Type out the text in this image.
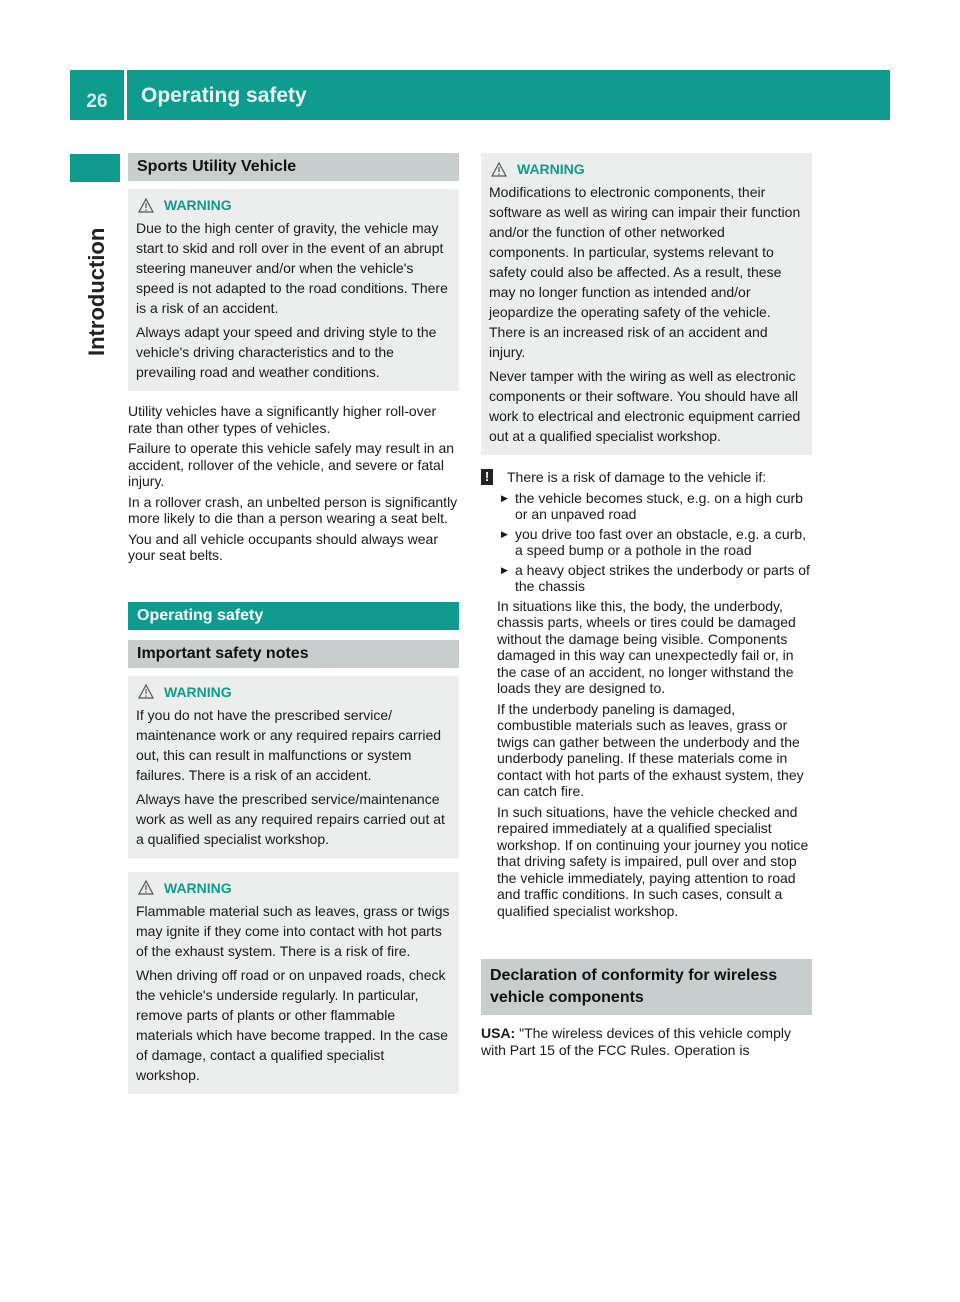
26	Operating safety
Introduction
Sports Utility Vehicle
WARNING

Due to the high center of gravity, the vehicle may start to skid and roll over in the event of an abrupt steering maneuver and/or when the vehicle's speed is not adapted to the road conditions. There is a risk of an accident.

Always adapt your speed and driving style to the vehicle's driving characteristics and to the prevailing road and weather conditions.

Utility vehicles have a significantly higher roll-over rate than other types of vehicles.

Failure to operate this vehicle safely may result in an accident, rollover of the vehicle, and severe or fatal injury.

In a rollover crash, an unbelted person is significantly more likely to die than a person wearing a seat belt.

You and all vehicle occupants should always wear your seat belts.

Operating safety
Important safety notes
WARNING

If you do not have the prescribed service/ maintenance work or any required repairs carried out, this can result in malfunctions or system failures. There is a risk of an accident.

Always have the prescribed service/maintenance work as well as any required repairs carried out at a qualified specialist workshop.

WARNING

Flammable material such as leaves, grass or twigs may ignite if they come into contact with hot parts of the exhaust system. There is a risk of fire.

When driving off road or on unpaved roads, check the vehicle's underside regularly. In particular, remove parts of plants or other flammable materials which have become trapped. In the case of damage, contact a qualified specialist workshop.

WARNING

Modifications to electronic components, their software as well as wiring can impair their function and/or the function of other networked components. In particular, systems relevant to safety could also be affected. As a result, these may no longer function as intended and/or jeopardize the operating safety of the vehicle. There is an increased risk of an accident and injury.

Never tamper with the wiring as well as electronic components or their software. You should have all work to electrical and electronic equipment carried out at a qualified specialist workshop.

! There is a risk of damage to the vehicle if:
▶ the vehicle becomes stuck, e.g. on a high curb or an unpaved road
▶ you drive too fast over an obstacle, e.g. a curb, a speed bump or a pothole in the road
▶ a heavy object strikes the underbody or parts of the chassis

In situations like this, the body, the underbody, chassis parts, wheels or tires could be damaged without the damage being visible. Components damaged in this way can unexpectedly fail or, in the case of an accident, no longer withstand the loads they are designed to.

If the underbody paneling is damaged, combustible materials such as leaves, grass or twigs can gather between the underbody and the underbody paneling. If these materials come in contact with hot parts of the exhaust system, they can catch fire.

In such situations, have the vehicle checked and repaired immediately at a qualified specialist workshop. If on continuing your journey you notice that driving safety is impaired, pull over and stop the vehicle immediately, paying attention to road and traffic conditions. In such cases, consult a qualified specialist workshop.

Declaration of conformity for wireless vehicle components

USA: "The wireless devices of this vehicle comply with Part 15 of the FCC Rules. Operation is
